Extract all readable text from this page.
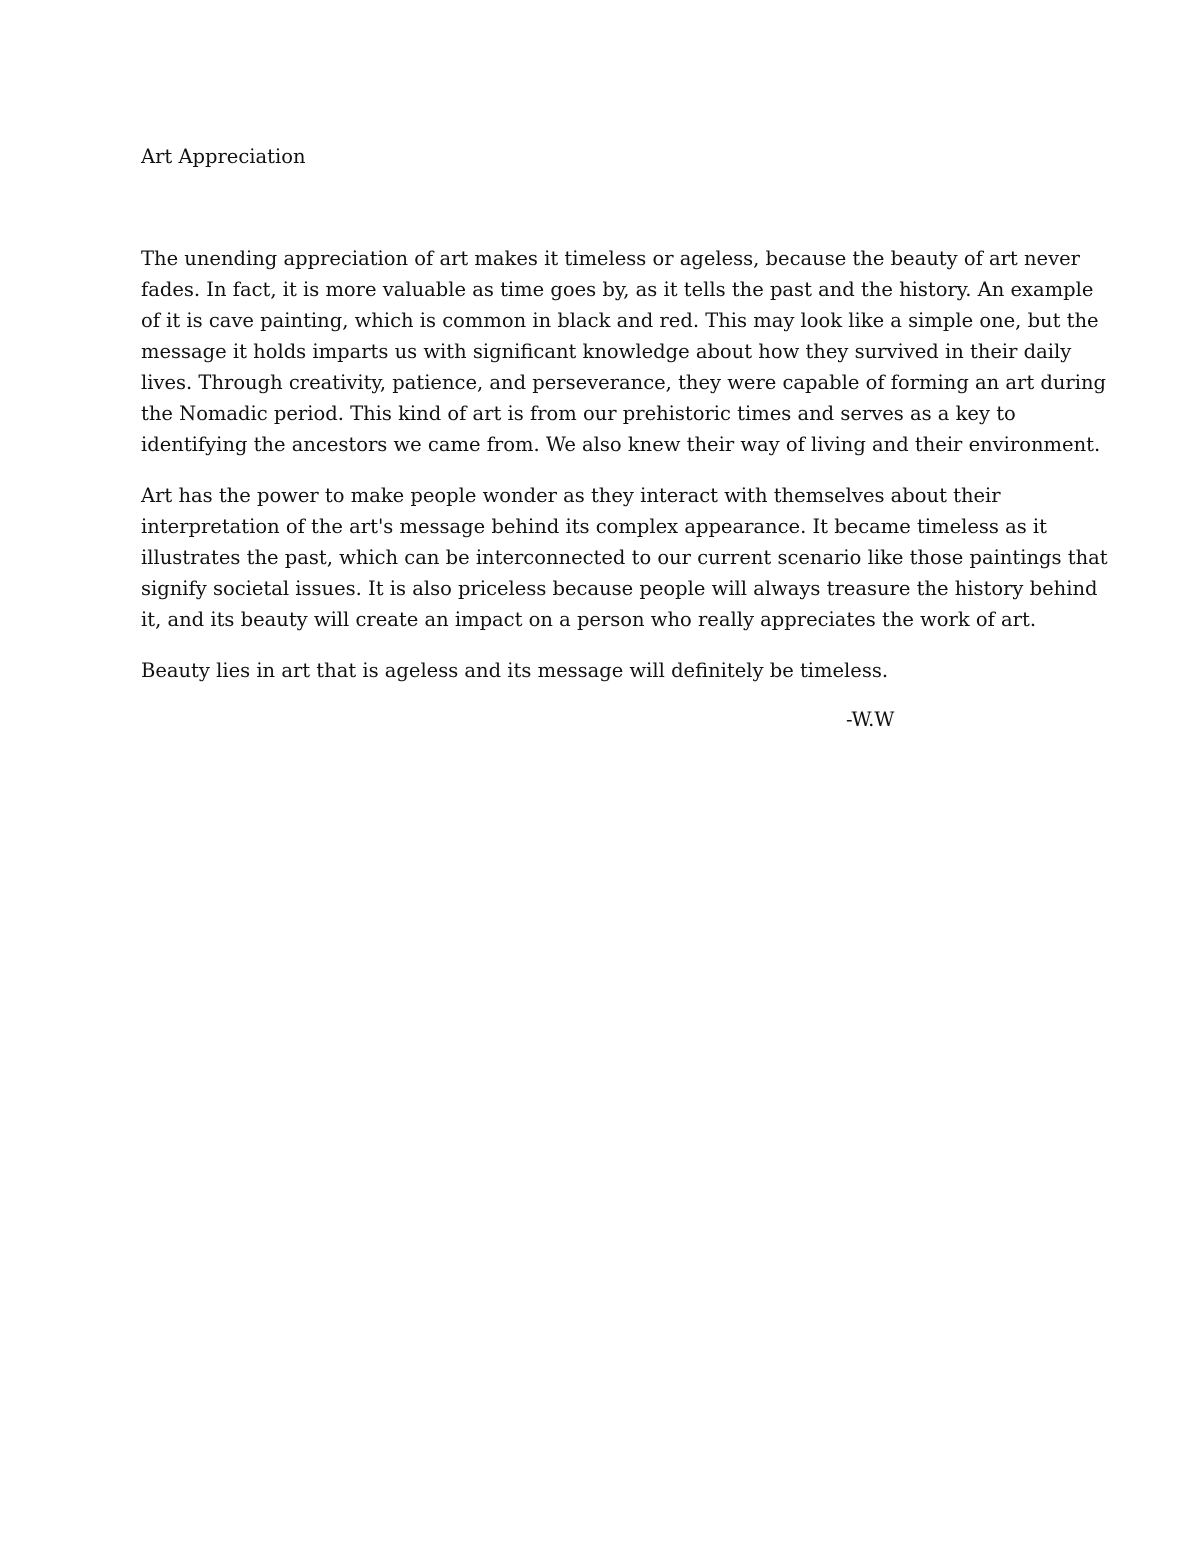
Art Appreciation

The unending appreciation of art makes it timeless or ageless, because the beauty of art never
fades. In fact, it is more valuable as time goes by, as it tells the past and the history. An example
of it is cave painting, which is common in black and red. This may look like a simple one, but the
message it holds imparts us with significant knowledge about how they survived in their daily
lives. Through creativity, patience, and perseverance, they were capable of forming an art during
the Nomadic period. This kind of art is from our prehistoric times and serves as a key to
identifying the ancestors we came from. We also knew their way of living and their environment.

Art has the power to make people wonder as they interact with themselves about their
interpretation of the art's message behind its complex appearance. It became timeless as it
illustrates the past, which can be interconnected to our current scenario like those paintings that
signify societal issues. It is also priceless because people will always treasure the history behind
it, and its beauty will create an impact on a person who really appreciates the work of art.

Beauty lies in art that is ageless and its message will definitely be timeless.

-W.W
